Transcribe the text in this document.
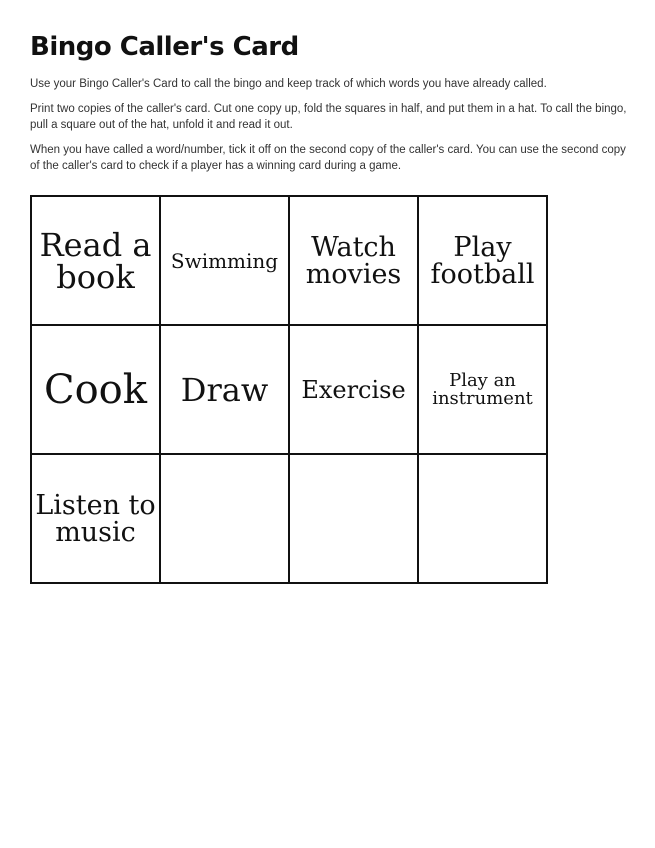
Bingo Caller's Card

Use your Bingo Caller's Card to call the bingo and keep track of which words you have already called.

Print two copies of the caller's card. Cut one copy up, fold the squares in half, and put them in a hat. To call the bingo, pull a square out of the hat, unfold it and read it out.

When you have called a word/number, tick it off on the second copy of the caller's card. You can use the second copy of the caller's card to check if a player has a winning card during a game.

Read a book	Swimming	Watch movies	Play football
Cook	Draw	Exercise	Play an instrument
Listen to music			
